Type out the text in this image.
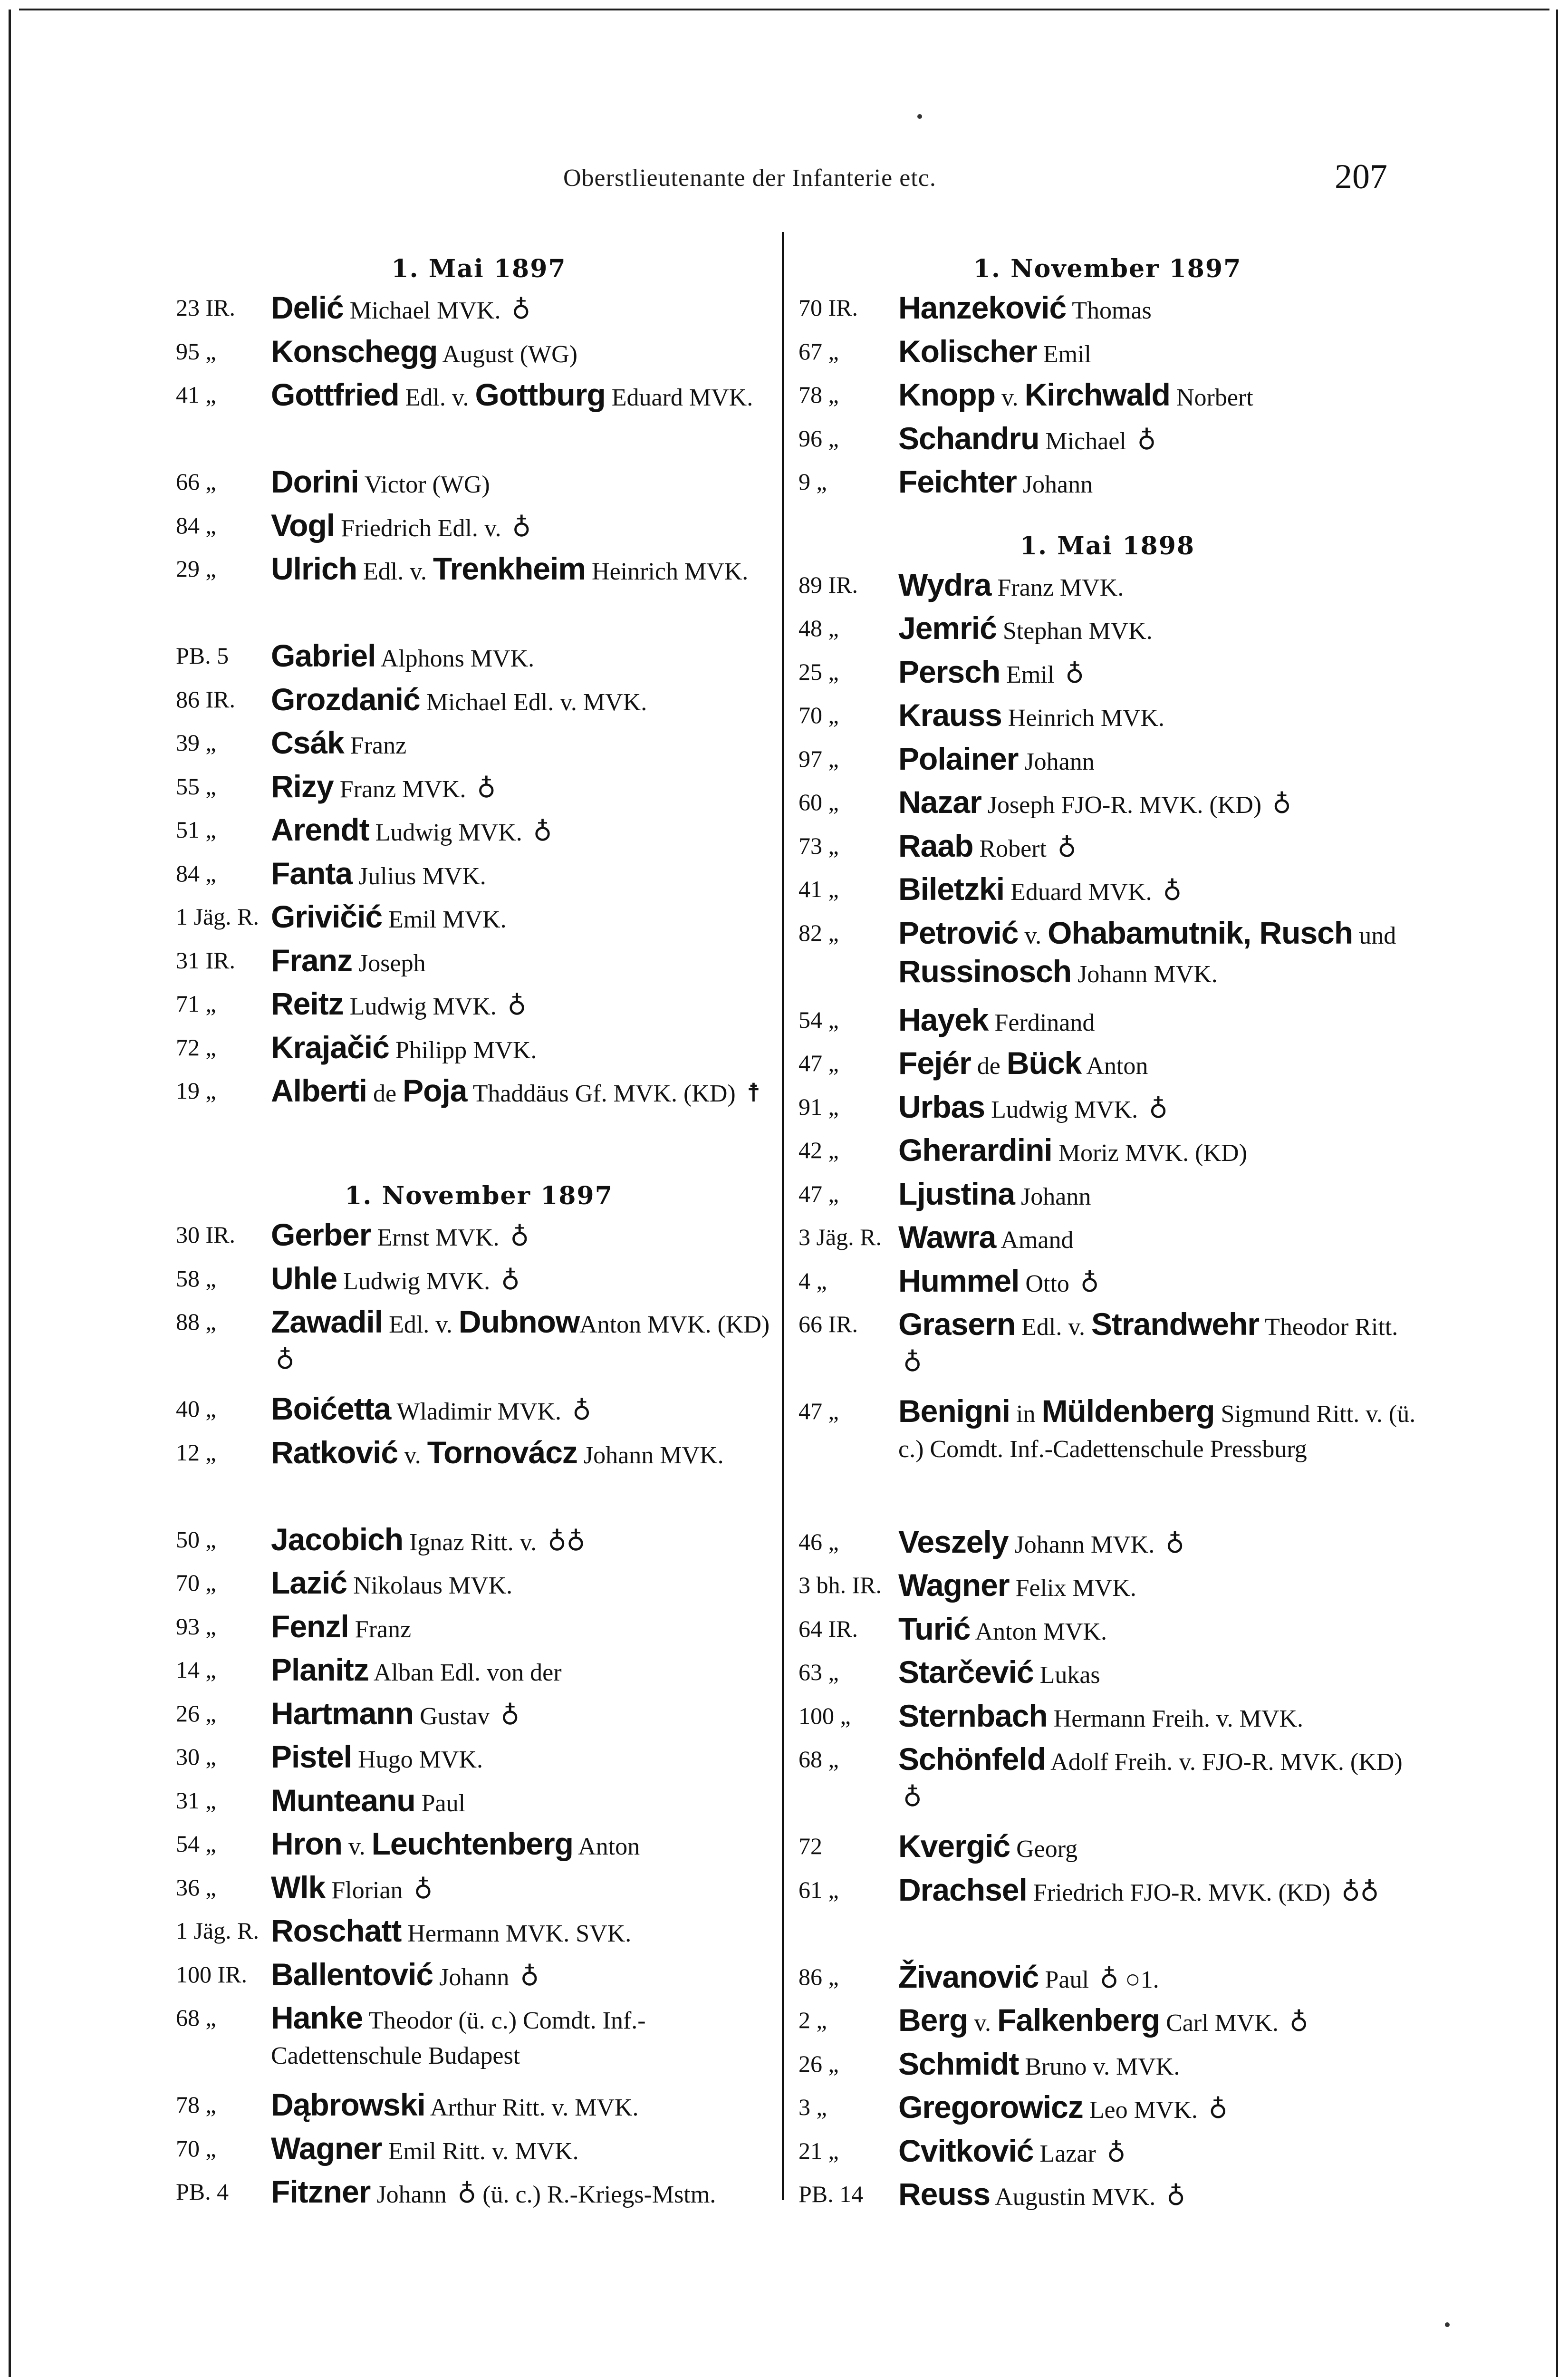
Oberstlieutenante der Infanterie etc.	207
1. Mai 1897
23 IR.	Delić Michael MVK. ♁
95 „	Konschegg August (WG)
41 „	Gottfried Edl. v. Gottburg Eduard MVK.
66 „	Dorini Victor (WG)
84 „	Vogl Friedrich Edl. v. ♁
29 „	Ulrich Edl. v. Trenkheim Heinrich MVK.
PB. 5	Gabriel Alphons MVK.
86 IR.	Grozdanić Michael Edl. v. MVK.
39 „	Csák Franz
55 „	Rizy Franz MVK. ♁
51 „	Arendt Ludwig MVK. ♁
84 „	Fanta Julius MVK.
1 Jäg. R. Grivičić Emil MVK.
31 IR.	Franz Joseph
71 „	Reitz Ludwig MVK. ♁
72 „	Krajačić Philipp MVK.
19 „	Alberti de Poja Thaddäus Gf. MVK. (KD) ☨
1. November 1897
30 IR.	Gerber Ernst MVK. ♁
58 „	Uhle Ludwig MVK. ♁
88 „	Zawadil Edl. v. DubnowAnton MVK. (KD) ♁
40 „	Boićetta Wladimir MVK. ♁
12 „	Ratković v. Tornovácz Johann MVK.
50 „	Jacobich Ignaz Ritt. v. ♁♁
70 „	Lazić Nikolaus MVK.
93 „	Fenzl Franz
14 „	Planitz Alban Edl. von der
26 „	Hartmann Gustav ♁
30 „	Pistel Hugo MVK.
31 „	Munteanu Paul
54 „	Hron v. Leuchtenberg Anton
36 „	Wlk Florian ♁
1 Jäg. R. Roschatt Hermann MVK. SVK.
100 IR. Ballentović Johann ♁
68 „	Hanke Theodor (ü. c.) Comdt. Inf.-Cadettenschule Budapest
78 „	Dąbrowski Arthur Ritt. v. MVK.
70 „	Wagner Emil Ritt. v. MVK.
PB. 4	Fitzner Johann ♁ (ü. c.) R.-Kriegs-Mstm.
1. November 1897
70 IR.	Hanzeković Thomas
67 „	Kolischer Emil
78 „	Knopp v. Kirchwald Norbert
96 „	Schandru Michael ♁
9 „	Feichter Johann
1. Mai 1898
89 IR.	Wydra Franz MVK.
48 „	Jemrić Stephan MVK.
25 „	Persch Emil ♁
70 „	Krauss Heinrich MVK.
97 „	Polainer Johann
60 „	Nazar Joseph FJO-R. MVK. (KD) ♁
73 „	Raab Robert ♁
41 „	Biletzki Eduard MVK. ♁
82 „	Petrović v. Ohabamutnik, Rusch und Russinosch Johann MVK.
54 „	Hayek Ferdinand
47 „	Fejér de Bück Anton
91 „	Urbas Ludwig MVK. ♁
42 „	Gherardini Moriz MVK. (KD)
47 „	Ljustina Johann
3 Jäg. R. Wawra Amand
4 „	Hummel Otto ♁
66 IR.	Grasern Edl. v. Strandwehr Theodor Ritt. ♁
47 „	Benigni in Müldenberg Sigmund Ritt. v. (ü. c.) Comdt. Inf.-Cadettenschule Pressburg
46 „	Veszely Johann MVK. ♁
3 bh. IR. Wagner Felix MVK.
64 IR.	Turić Anton MVK.
63 „	Starčević Lukas
100 „	Sternbach Hermann Freih. v. MVK.
68 „	Schönfeld Adolf Freih. v. FJO-R. MVK. (KD) ♁
72	Kvergić Georg
61 „	Drachsel Friedrich FJO-R. MVK. (KD) ♁♁
86 „	Živanović Paul ♁ ○1.
2 „	Berg v. Falkenberg Carl MVK. ♁
26 „	Schmidt Bruno v. MVK.
3 „	Gregorowicz Leo MVK. ♁
21 „	Cvitković Lazar ♁
PB. 14	Reuss Augustin MVK. ♁
